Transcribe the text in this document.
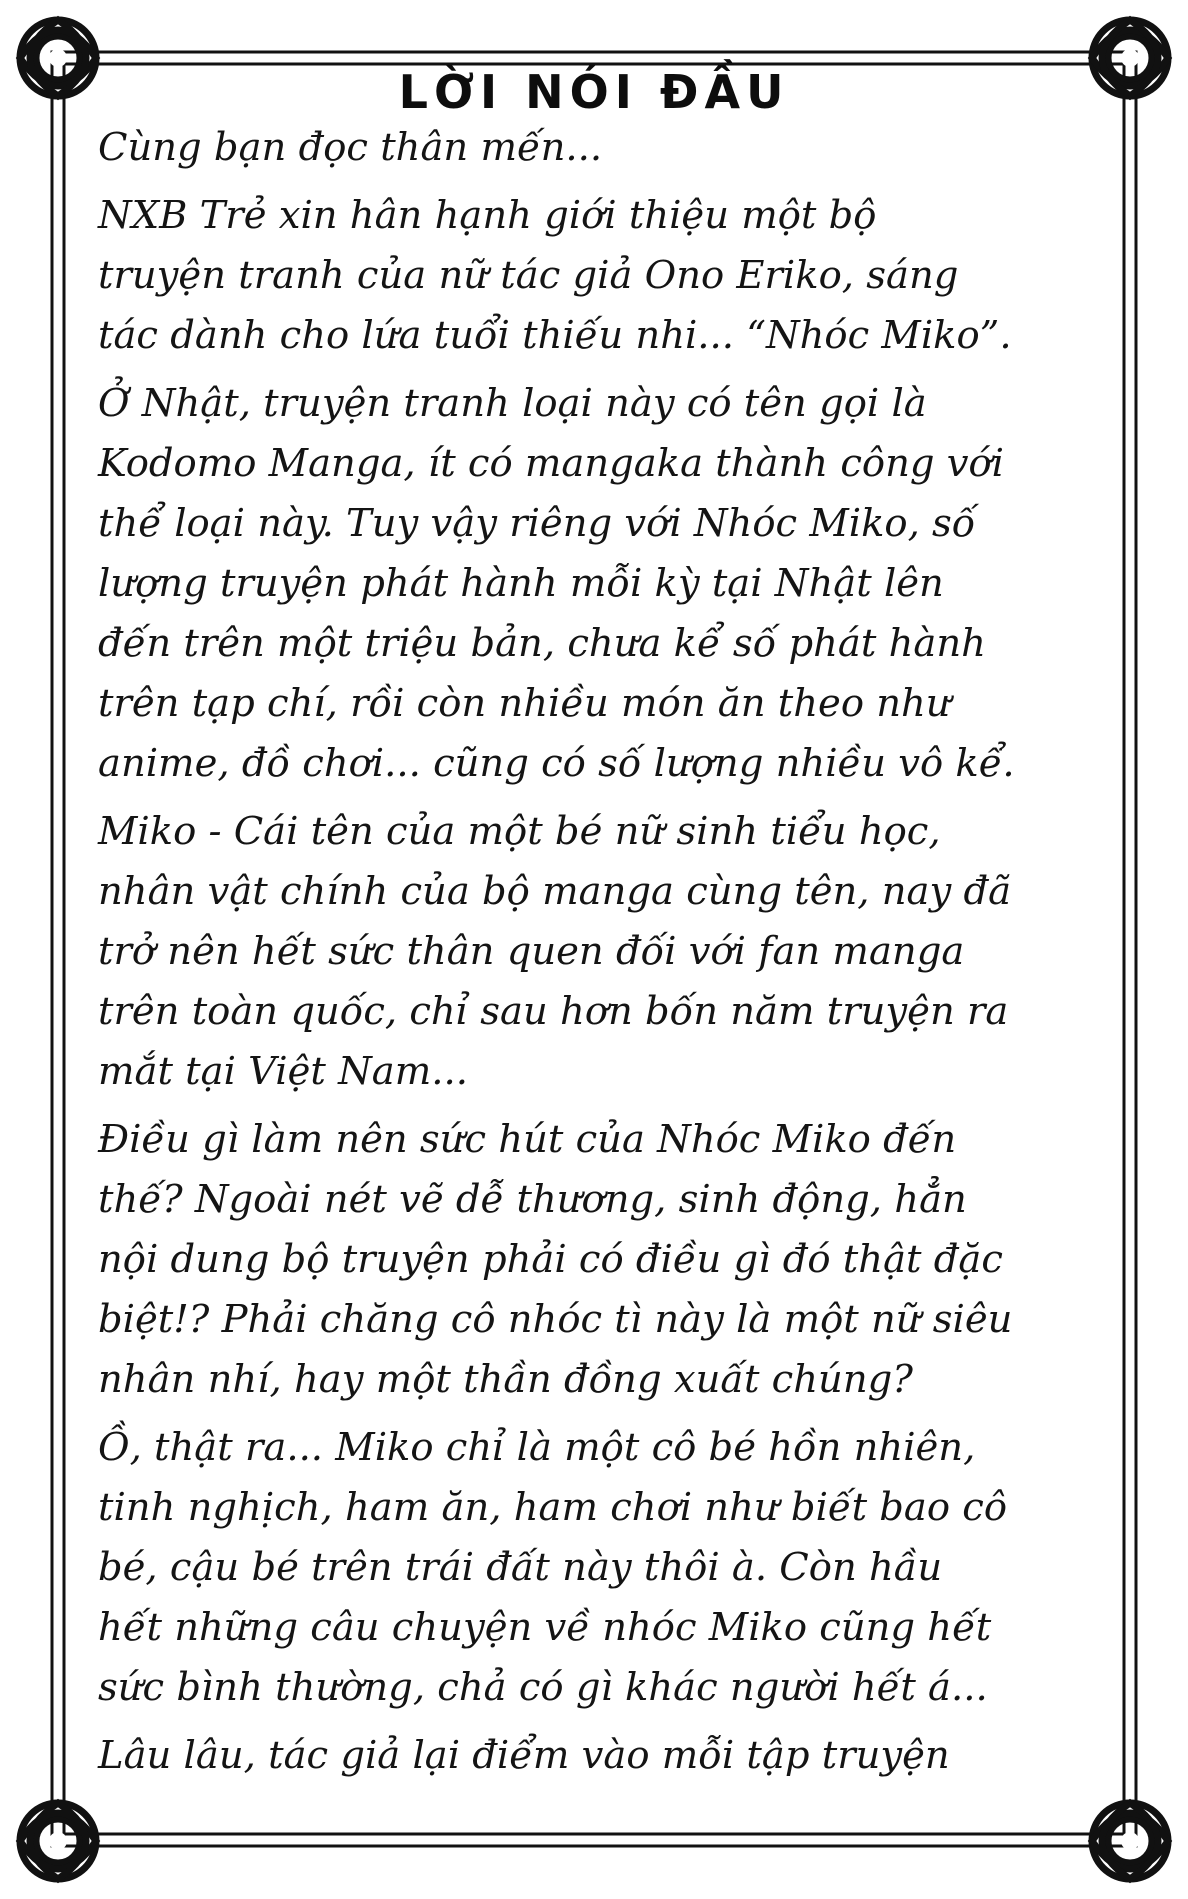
LỜI NÓI ĐẦU
Cùng bạn đọc thân mến...
NXB Trẻ xin hân hạnh giới thiệu một bộ
truyện tranh của nữ tác giả Ono Eriko, sáng
tác dành cho lứa tuổi thiếu nhi... “Nhóc Miko”.
Ở Nhật, truyện tranh loại này có tên gọi là
Kodomo Manga, ít có mangaka thành công với
thể loại này. Tuy vậy riêng với Nhóc Miko, số
lượng truyện phát hành mỗi kỳ tại Nhật lên
đến trên một triệu bản, chưa kể số phát hành
trên tạp chí, rồi còn nhiều món ăn theo như
anime, đồ chơi... cũng có số lượng nhiều vô kể.
Miko - Cái tên của một bé nữ sinh tiểu học,
nhân vật chính của bộ manga cùng tên, nay đã
trở nên hết sức thân quen đối với fan manga
trên toàn quốc, chỉ sau hơn bốn năm truyện ra
mắt tại Việt Nam...
Điều gì làm nên sức hút của Nhóc Miko đến
thế? Ngoài nét vẽ dễ thương, sinh động, hẳn
nội dung bộ truyện phải có điều gì đó thật đặc
biệt!? Phải chăng cô nhóc tì này là một nữ siêu
nhân nhí, hay một thần đồng xuất chúng?
Ồ, thật ra... Miko chỉ là một cô bé hồn nhiên,
tinh nghịch, ham ăn, ham chơi như biết bao cô
bé, cậu bé trên trái đất này thôi à. Còn hầu
hết những câu chuyện về nhóc Miko cũng hết
sức bình thường, chả có gì khác người hết á...
Lâu lâu, tác giả lại điểm vào mỗi tập truyện
